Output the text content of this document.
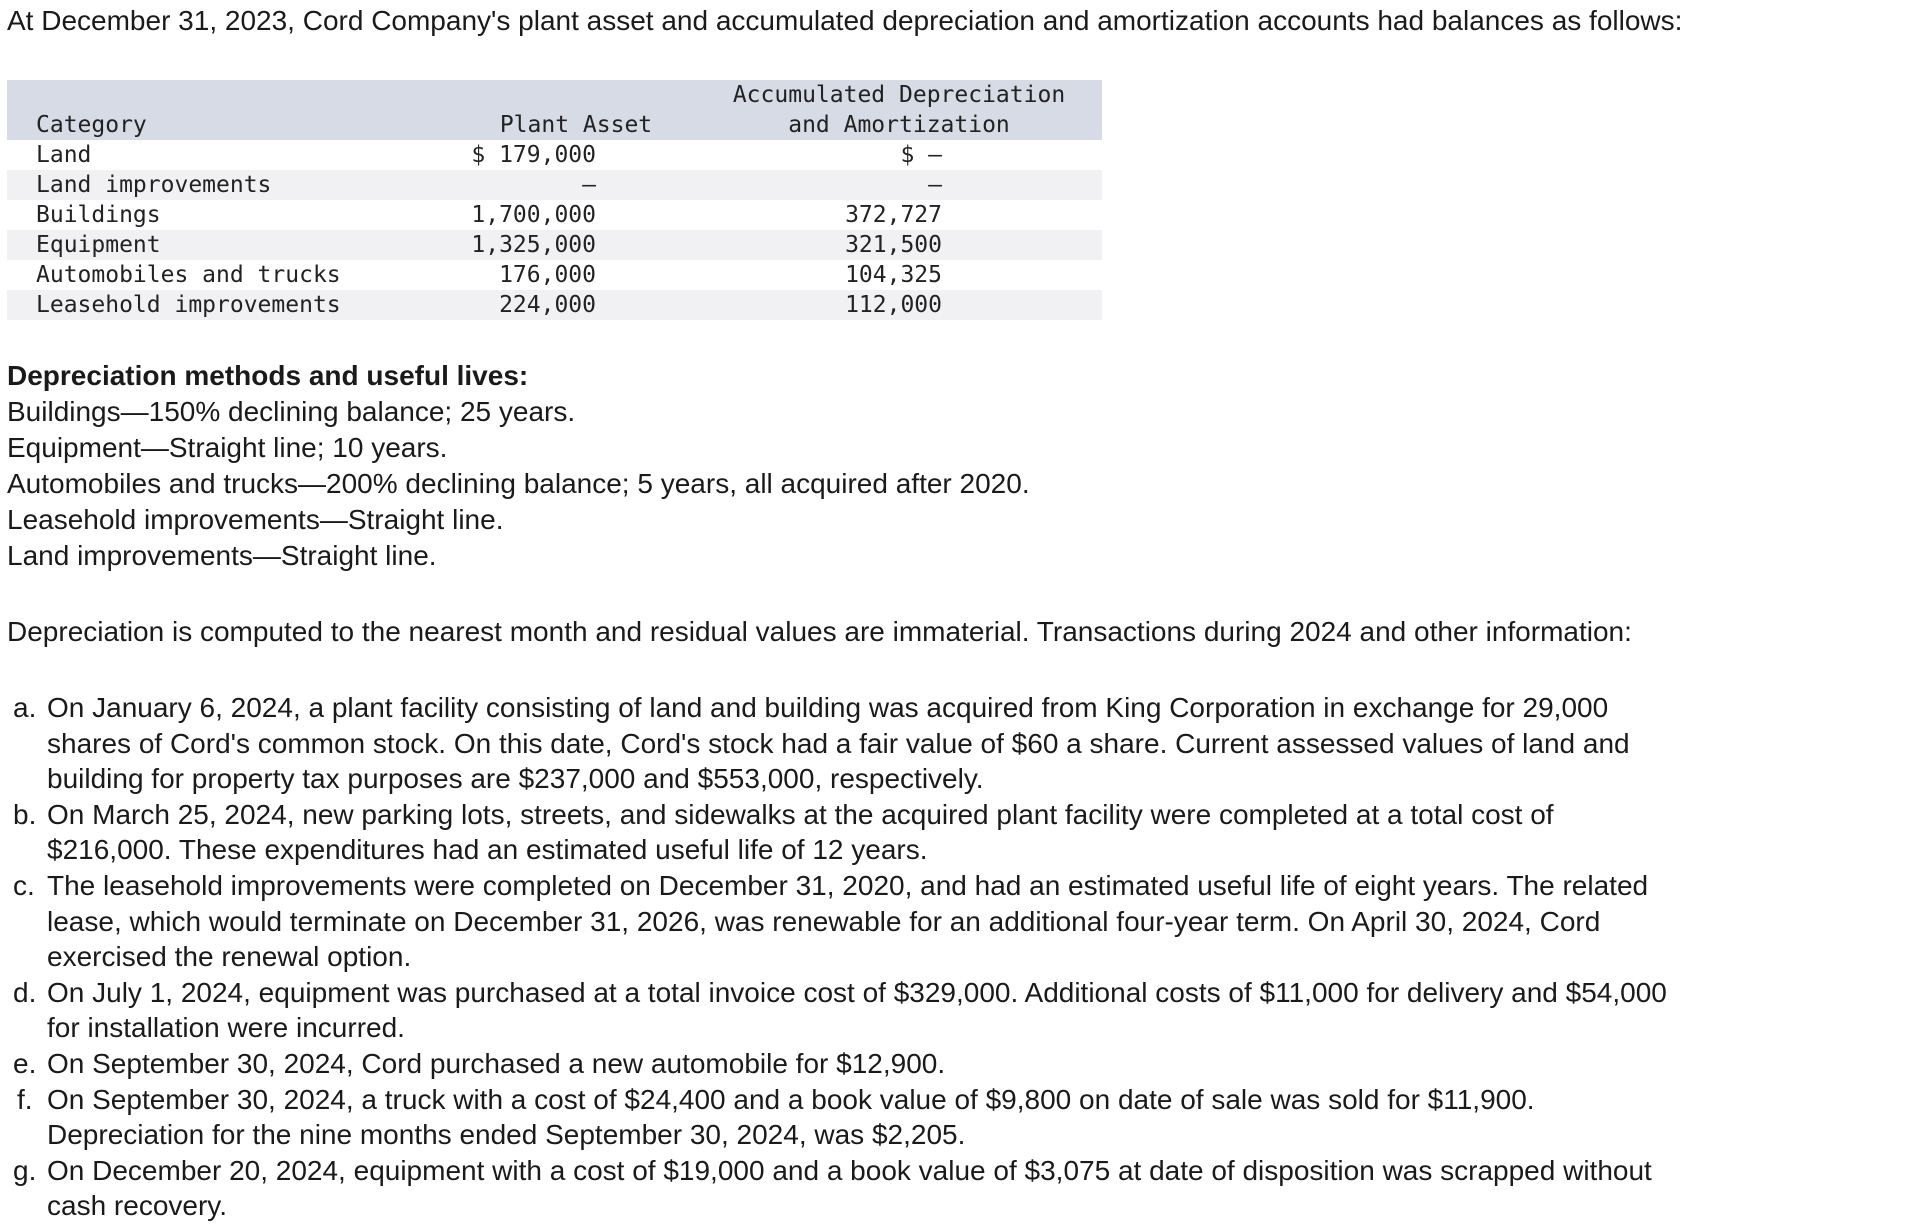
At December 31, 2023, Cord Company's plant asset and accumulated depreciation and amortization accounts had balances as follows:

Category	Plant Asset	Accumulated Depreciation
and Amortization

Land	$ 179,000	$ —
Land improvements	—	—
Buildings	1,700,000	372,727
Equipment	1,325,000	321,500
Automobiles and trucks	176,000	104,325
Leasehold improvements	224,000	112,000
Depreciation methods and useful lives:
Buildings—150% declining balance; 25 years.
Equipment—Straight line; 10 years.
Automobiles and trucks—200% declining balance; 5 years, all acquired after 2020.
Leasehold improvements—Straight line.
Land improvements—Straight line.

Depreciation is computed to the nearest month and residual values are immaterial. Transactions during 2024 and other information:

a. On January 6, 2024, a plant facility consisting of land and building was acquired from King Corporation in exchange for 29,000
shares of Cord's common stock. On this date, Cord's stock had a fair value of $60 a share. Current assessed values of land and
building for property tax purposes are $237,000 and $553,000, respectively.
b. On March 25, 2024, new parking lots, streets, and sidewalks at the acquired plant facility were completed at a total cost of
$216,000. These expenditures had an estimated useful life of 12 years.
c. The leasehold improvements were completed on December 31, 2020, and had an estimated useful life of eight years. The related
lease, which would terminate on December 31, 2026, was renewable for an additional four-year term. On April 30, 2024, Cord
exercised the renewal option.
d. On July 1, 2024, equipment was purchased at a total invoice cost of $329,000. Additional costs of $11,000 for delivery and $54,000
for installation were incurred.
e. On September 30, 2024, Cord purchased a new automobile for $12,900.
f. On September 30, 2024, a truck with a cost of $24,400 and a book value of $9,800 on date of sale was sold for $11,900.
Depreciation for the nine months ended September 30, 2024, was $2,205.
g. On December 20, 2024, equipment with a cost of $19,000 and a book value of $3,075 at date of disposition was scrapped without
cash recovery.
